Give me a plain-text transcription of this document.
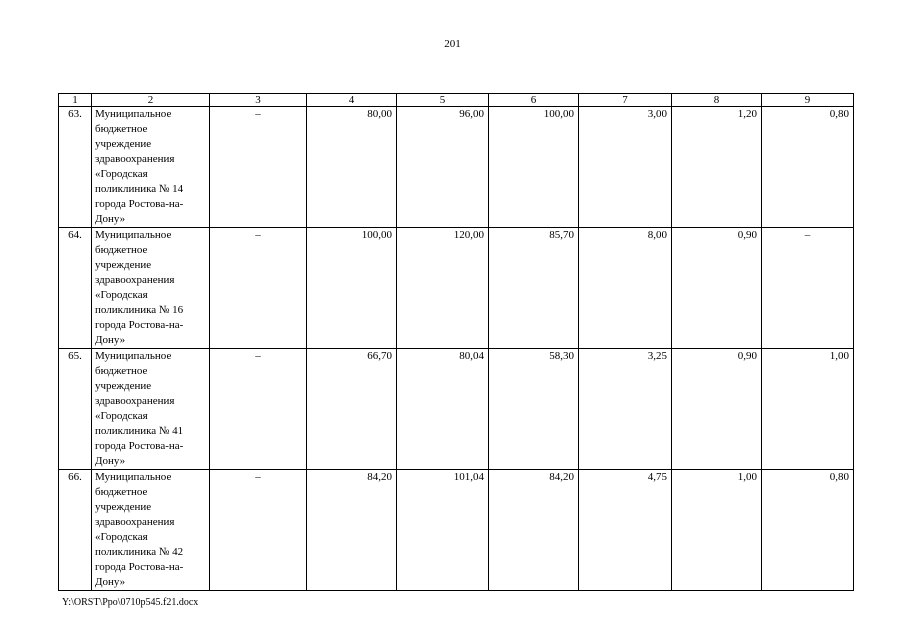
201
1	2	3	4	5	6	7	8	9
63.	Муниципальное бюджетное учреждение здравоохранения «Городская поликлиника № 14 города Ростова-на-Дону»	–	80,00	96,00	100,00	3,00	1,20	0,80
64.	Муниципальное бюджетное учреждение здравоохранения «Городская поликлиника № 16 города Ростова-на-Дону»	–	100,00	120,00	85,70	8,00	0,90	–
65.	Муниципальное бюджетное учреждение здравоохранения «Городская поликлиника № 41 города Ростова-на-Дону»	–	66,70	80,04	58,30	3,25	0,90	1,00
66.	Муниципальное бюджетное учреждение здравоохранения «Городская поликлиника № 42 города Ростова-на-Дону»	–	84,20	101,04	84,20	4,75	1,00	0,80
Y:\ORST\Ppo\0710p545.f21.docx
